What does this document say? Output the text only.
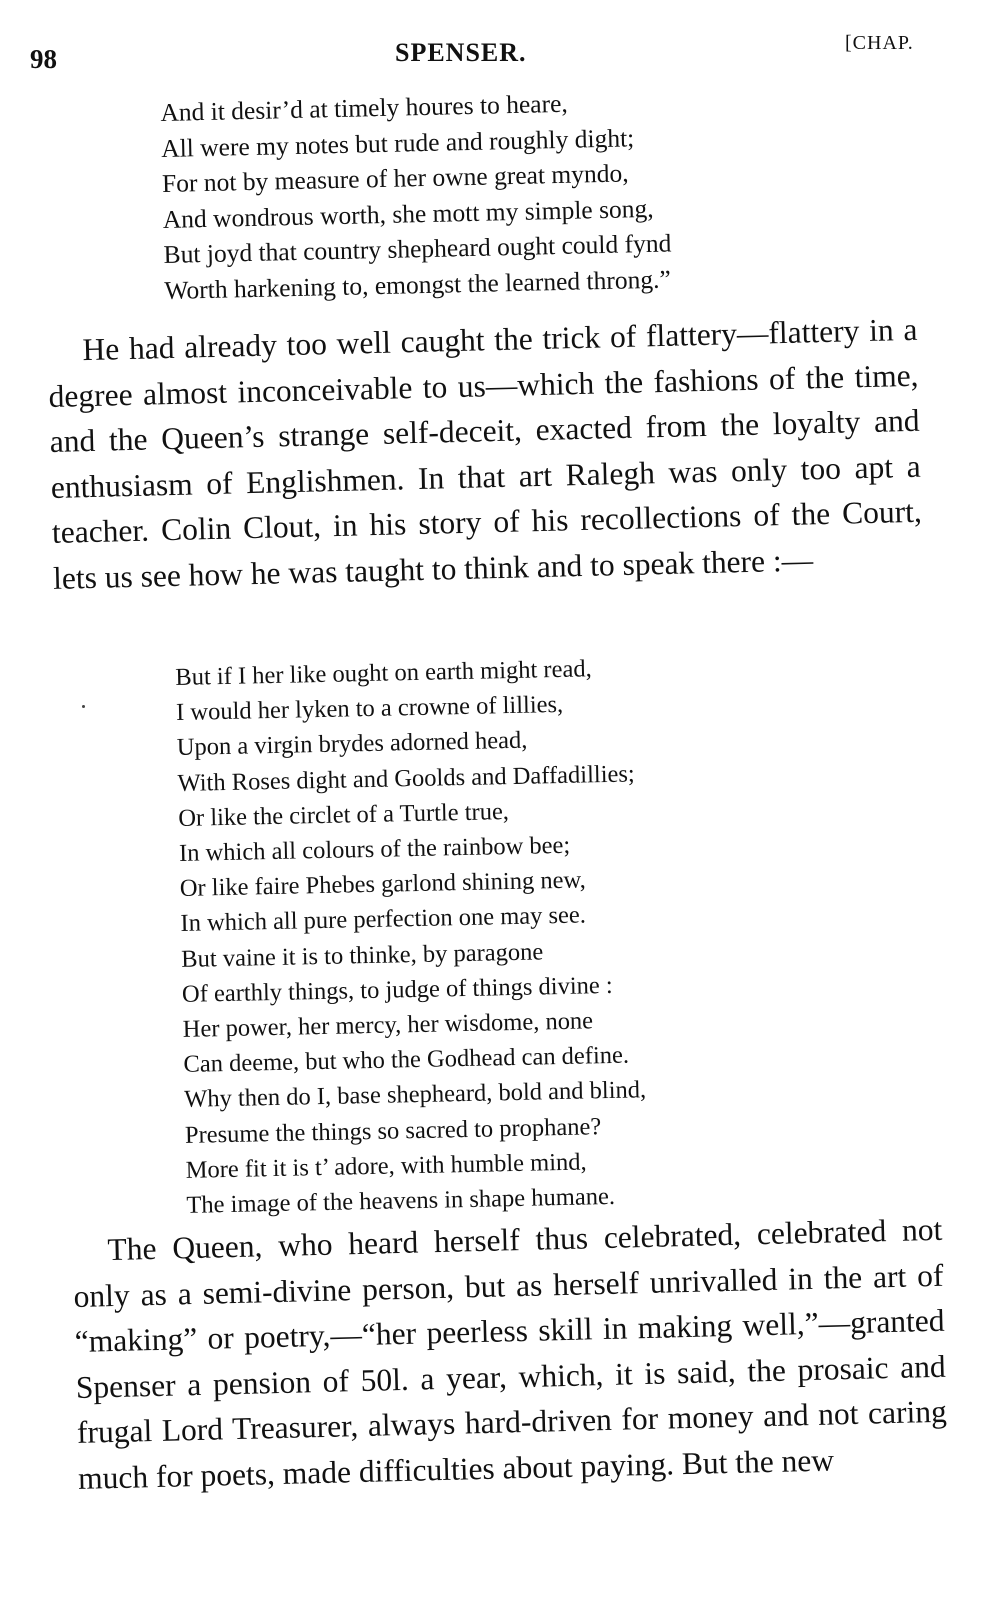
98	SPENSER.	[CHAP.
And it desir’d at timely houres to heare,
All were my notes but rude and roughly dight;
For not by measure of her owne great myndo,
And wondrous worth, she mott my simple song,
But joyd that country shepheard ought could fynd
Worth harkening to, emongst the learned throng.”

He had already too well caught the trick of flattery—flattery in a degree almost inconceivable to us—which the fashions of the time, and the Queen’s strange self-deceit, exacted from the loyalty and enthusiasm of Englishmen. In that art Ralegh was only too apt a teacher. Colin Clout, in his story of his recollections of the Court, lets us see how he was taught to think and to speak there :—

But if I her like ought on earth might read,
I would her lyken to a crowne of lillies,
Upon a virgin brydes adorned head,
With Roses dight and Goolds and Daffadillies;
Or like the circlet of a Turtle true,
In which all colours of the rainbow bee;
Or like faire Phebes garlond shining new,
In which all pure perfection one may see.
But vaine it is to thinke, by paragone
Of earthly things, to judge of things divine :
Her power, her mercy, her wisdome, none
Can deeme, but who the Godhead can define.
Why then do I, base shepheard, bold and blind,
Presume the things so sacred to prophane?
More fit it is t’ adore, with humble mind,
The image of the heavens in shape humane.

The Queen, who heard herself thus celebrated, celebrated not only as a semi-divine person, but as herself unrivalled in the art of “making” or poetry,—“her peerless skill in making well,”—granted Spenser a pension of 50l. a year, which, it is said, the prosaic and frugal Lord Treasurer, always hard-driven for money and not caring much for poets, made difficulties about paying. But the new
